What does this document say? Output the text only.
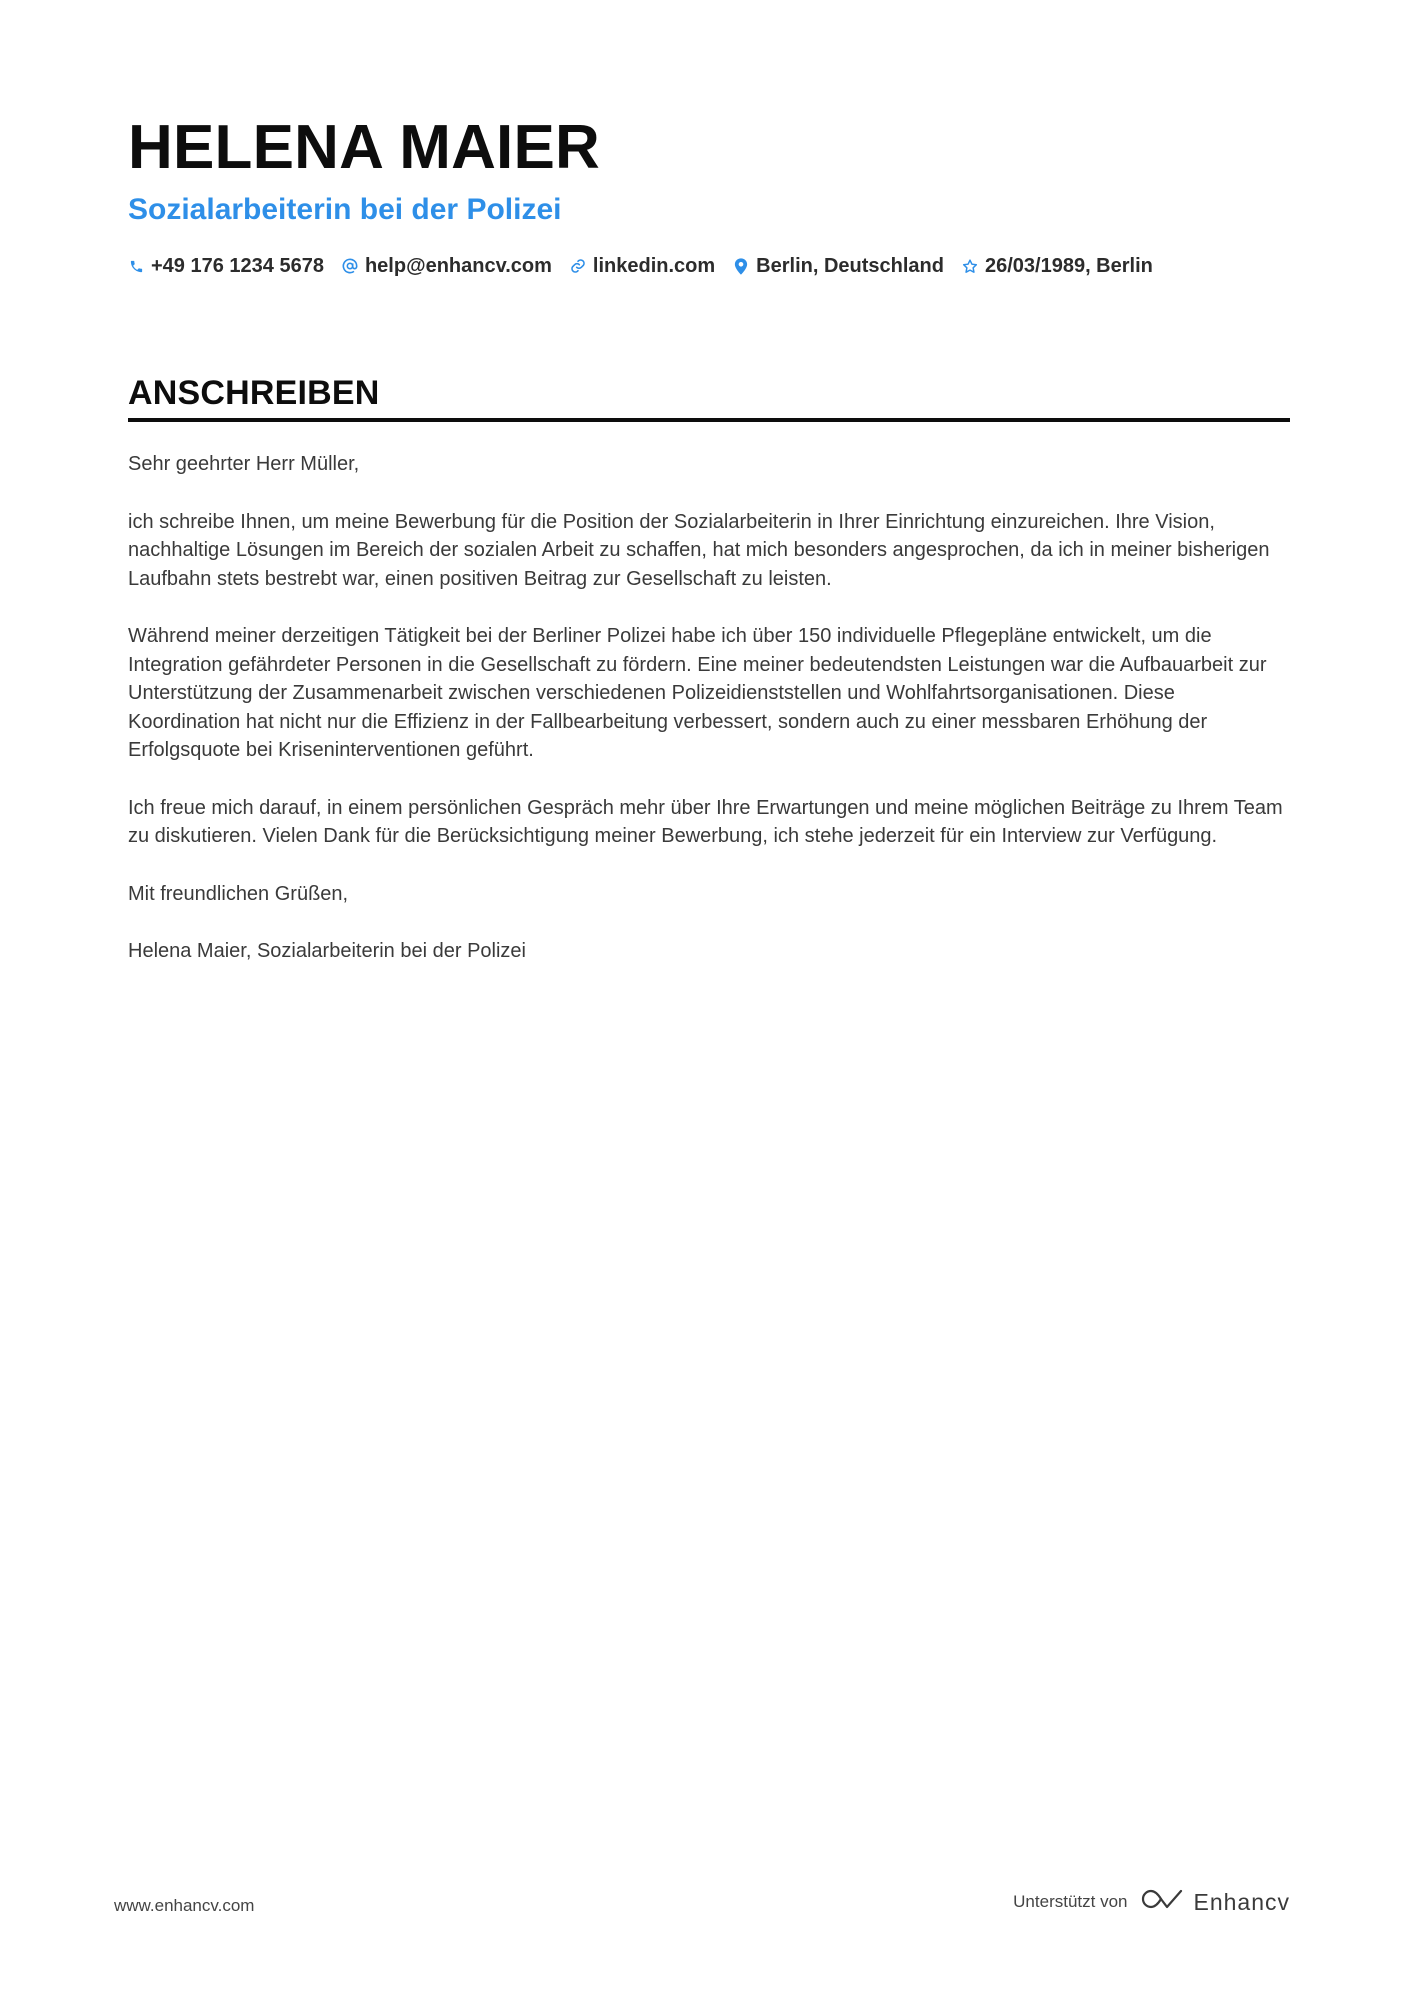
HELENA MAIER
Sozialarbeiterin bei der Polizei
+49 176 1234 5678 help@enhancv.com linkedin.com Berlin, Deutschland 26/03/1989, Berlin
ANSCHREIBEN

Sehr geehrter Herr Müller,

ich schreibe Ihnen, um meine Bewerbung für die Position der Sozialarbeiterin in Ihrer Einrichtung einzureichen. Ihre Vision, nachhaltige Lösungen im Bereich der sozialen Arbeit zu schaffen, hat mich besonders angesprochen, da ich in meiner bisherigen Laufbahn stets bestrebt war, einen positiven Beitrag zur Gesellschaft zu leisten.

Während meiner derzeitigen Tätigkeit bei der Berliner Polizei habe ich über 150 individuelle Pflegepläne entwickelt, um die Integration gefährdeter Personen in die Gesellschaft zu fördern. Eine meiner bedeutendsten Leistungen war die Aufbauarbeit zur Unterstützung der Zusammenarbeit zwischen verschiedenen Polizeidienststellen und Wohlfahrtsorganisationen. Diese Koordination hat nicht nur die Effizienz in der Fallbearbeitung verbessert, sondern auch zu einer messbaren Erhöhung der Erfolgsquote bei Kriseninterventionen geführt.

Ich freue mich darauf, in einem persönlichen Gespräch mehr über Ihre Erwartungen und meine möglichen Beiträge zu Ihrem Team zu diskutieren. Vielen Dank für die Berücksichtigung meiner Bewerbung, ich stehe jederzeit für ein Interview zur Verfügung.

Mit freundlichen Grüßen,

Helena Maier, Sozialarbeiterin bei der Polizei

www.enhancv.com	Unterstützt von	Enhancv
